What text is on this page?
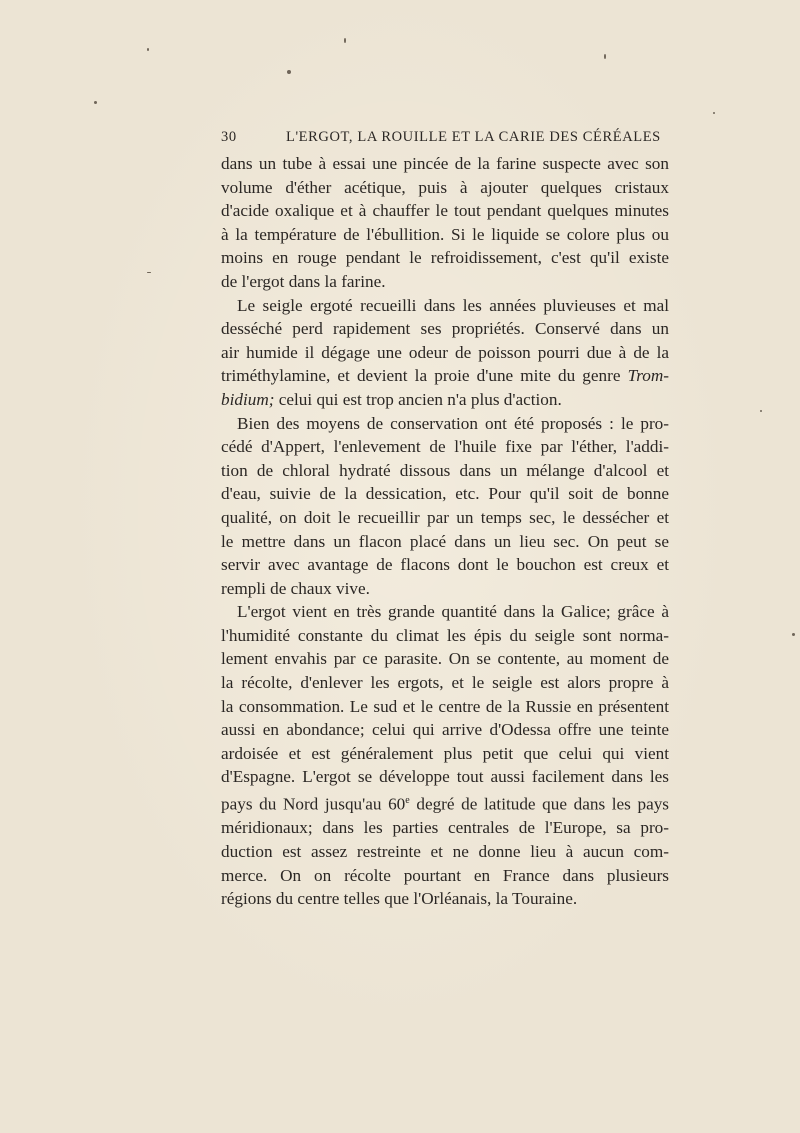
30	L'ERGOT, LA ROUILLE ET LA CARIE DES CÉRÉALES

dans un tube à essai une pincée de la farine suspecte avec son
volume d'éther acétique, puis à ajouter quelques cristaux
d'acide oxalique et à chauffer le tout pendant quelques minutes
à la température de l'ébullition. Si le liquide se colore plus ou
moins en rouge pendant le refroidissement, c'est qu'il existe
de l'ergot dans la farine.

Le seigle ergoté recueilli dans les années pluvieuses et mal
desséché perd rapidement ses propriétés. Conservé dans un
air humide il dégage une odeur de poisson pourri due à de la
triméthylamine, et devient la proie d'une mite du genre Trom-
bidium; celui qui est trop ancien n'a plus d'action.

Bien des moyens de conservation ont été proposés : le pro-
cédé d'Appert, l'enlevement de l'huile fixe par l'éther, l'addi-
tion de chloral hydraté dissous dans un mélange d'alcool et
d'eau, suivie de la dessication, etc. Pour qu'il soit de bonne
qualité, on doit le recueillir par un temps sec, le dessécher et
le mettre dans un flacon placé dans un lieu sec. On peut se
servir avec avantage de flacons dont le bouchon est creux et
rempli de chaux vive.

L'ergot vient en très grande quantité dans la Galice; grâce à
l'humidité constante du climat les épis du seigle sont norma-
lement envahis par ce parasite. On se contente, au moment de
la récolte, d'enlever les ergots, et le seigle est alors propre à
la consommation. Le sud et le centre de la Russie en présentent
aussi en abondance; celui qui arrive d'Odessa offre une teinte
ardoisée et est généralement plus petit que celui qui vient
d'Espagne. L'ergot se développe tout aussi facilement dans les
pays du Nord jusqu'au 60e degré de latitude que dans les pays
méridionaux; dans les parties centrales de l'Europe, sa pro-
duction est assez restreinte et ne donne lieu à aucun com-
merce. On on récolte pourtant en France dans plusieurs
régions du centre telles que l'Orléanais, la Touraine.
